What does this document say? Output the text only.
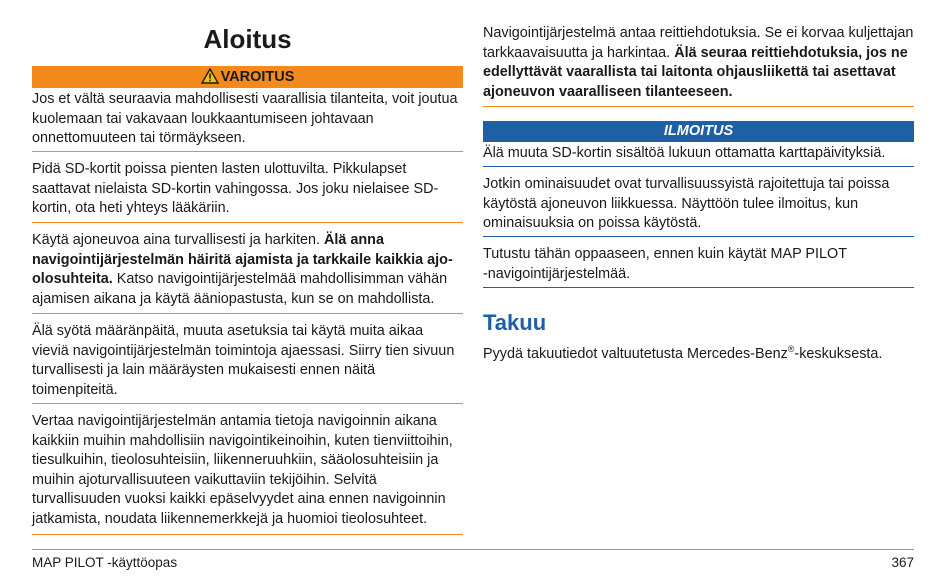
Aloitus
VAROITUS

Jos et vältä seuraavia mahdollisesti vaarallisia tilanteita, voit joutua kuolemaan tai vakavaan loukkaantumiseen johtavaan onnettomuuteen tai törmäykseen.

Pidä SD-kortit poissa pienten lasten ulottuvilta. Pikkulapset saattavat nielaista SD-kortin vahingossa. Jos joku nielaisee SD-kortin, ota heti yhteys lääkäriin.

Käytä ajoneuvoa aina turvallisesti ja harkiten. Älä anna navigointijärjestelmän häiritä ajamista ja tarkkaile kaikkia ajoolosuhteita. Katso navigointijärjestelmää mahdollisimman vähän ajamisen aikana ja käytä ääniopastusta, kun se on mahdollista.

Älä syötä määränpäitä, muuta asetuksia tai käytä muita aikaa vieviä navigointijärjestelmän toimintoja ajaessasi. Siirry tien sivuun turvallisesti ja lain määräysten mukaisesti ennen näitä toimenpiteitä.

Vertaa navigointijärjestelmän antamia tietoja navigoinnin aikana kaikkiin muihin mahdollisiin navigointikeinoihin, kuten tienviittoihin, tiesulkuihin, tieolosuhteisiin, liikenneruuhkiin, sääolosuhteisiin ja muihin ajoturvallisuuteen vaikuttaviin tekijöihin. Selvitä turvallisuuden vuoksi kaikki epäselvyydet aina ennen navigoinnin jatkamista, noudata liikennemerkkejä ja huomioi tieolosuhteet.

Navigointijärjestelmä antaa reittiehdotuksia. Se ei korvaa kuljettajan tarkkaavaisuutta ja harkintaa. Älä seuraa reittiehdotuksia, jos ne edellyttävät vaarallista tai laitonta ohjausliikettä tai asettavat ajoneuvon vaaralliseen tilanteeseen.

ILMOITUS

Älä muuta SD-kortin sisältöä lukuun ottamatta karttapäivityksiä.

Jotkin ominaisuudet ovat turvallisuussyistä rajoitettuja tai poissa käytöstä ajoneuvon liikkuessa. Näyttöön tulee ilmoitus, kun ominaisuuksia on poissa käytöstä.

Tutustu tähän oppaaseen, ennen kuin käytät MAP PILOT ‑navigointijärjestelmää.

Takuu

Pyydä takuutiedot valtuutetusta Mercedes-Benz®-keskuksesta.

MAP PILOT -käyttöopas	367
